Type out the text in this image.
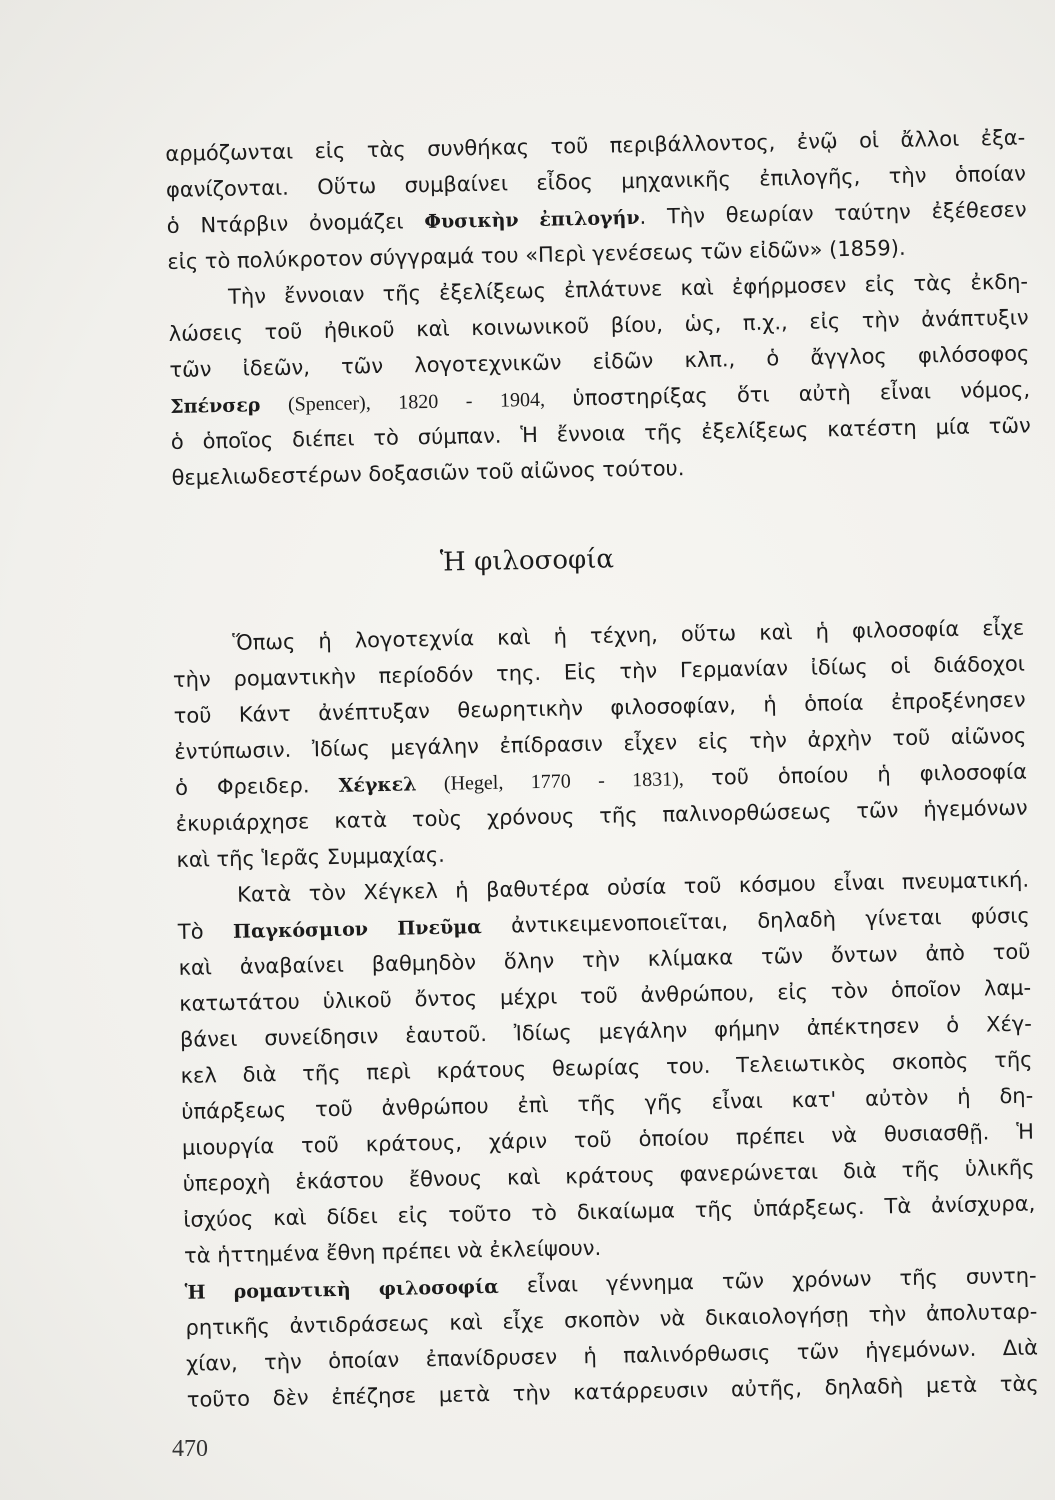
αρμόζωνται εἰς τὰς συνθήκας τοῦ περιβάλλοντος, ἐνῷ οἱ ἄλλοι ἐξα-
φανίζονται. Οὕτω συμβαίνει εἶδος μηχανικῆς ἐπιλογῆς, τὴν ὁποίαν
ὁ Ντάρβιν ὀνομάζει Φυσικὴν ἐπιλογήν. Τὴν θεωρίαν ταύτην ἐξέθεσεν
εἰς τὸ πολύκροτον σύγγραμά του «Περὶ γενέσεως τῶν εἰδῶν» (1859).
Τὴν ἔννοιαν τῆς ἐξελίξεως ἐπλάτυνε καὶ ἐφήρμοσεν εἰς τὰς ἐκδη-
λώσεις τοῦ ἠθικοῦ καὶ κοινωνικοῦ βίου, ὡς, π.χ., εἰς τὴν ἀνάπτυξιν
τῶν ἰδεῶν, τῶν λογοτεχνικῶν εἰδῶν κλπ., ὁ ἄγγλος φιλόσοφος
Σπένσερ (Spencer), 1820 - 1904, ὑποστηρίξας ὅτι αὐτὴ εἶναι νόμος,
ὁ ὁποῖος διέπει τὸ σύμπαν. Ἡ ἔννοια τῆς ἐξελίξεως κατέστη μία τῶν
θεμελιωδεστέρων δοξασιῶν τοῦ αἰῶνος τούτου.
Ἡ φιλοσοφία
Ὅπως ἡ λογοτεχνία καὶ ἡ τέχνη, οὕτω καὶ ἡ φιλοσοφία εἶχε
τὴν ρομαντικὴν περίοδόν της. Εἰς τὴν Γερμανίαν ἰδίως οἱ διάδοχοι
τοῦ Κάντ ἀνέπτυξαν θεωρητικὴν φιλοσοφίαν, ἡ ὁποία ἐπροξένησεν
ἐντύπωσιν. Ἰδίως μεγάλην ἐπίδρασιν εἶχεν εἰς τὴν ἀρχὴν τοῦ αἰῶνος
ὁ Φρειδερ. Χέγκελ (Hegel, 1770 - 1831), τοῦ ὁποίου ἡ φιλοσοφία
ἐκυριάρχησε κατὰ τοὺς χρόνους τῆς παλινορθώσεως τῶν ἡγεμόνων
καὶ τῆς Ἱερᾶς Συμμαχίας.
Κατὰ τὸν Χέγκελ ἡ βαθυτέρα οὐσία τοῦ κόσμου εἶναι πνευματική.
Τὸ Παγκόσμιον Πνεῦμα ἀντικειμενοποιεῖται, δηλαδὴ γίνεται φύσις
καὶ ἀναβαίνει βαθμηδὸν ὅλην τὴν κλίμακα τῶν ὄντων ἀπὸ τοῦ
κατωτάτου ὑλικοῦ ὄντος μέχρι τοῦ ἀνθρώπου, εἰς τὸν ὁποῖον λαμ-
βάνει συνείδησιν ἑαυτοῦ. Ἰδίως μεγάλην φήμην ἀπέκτησεν ὁ Χέγ-
κελ διὰ τῆς περὶ κράτους θεωρίας του. Τελειωτικὸς σκοπὸς τῆς
ὑπάρξεως τοῦ ἀνθρώπου ἐπὶ τῆς γῆς εἶναι κατ' αὐτὸν ἡ δη-
μιουργία τοῦ κράτους, χάριν τοῦ ὁποίου πρέπει νὰ θυσιασθῇ. Ἡ
ὑπεροχὴ ἑκάστου ἔθνους καὶ κράτους φανερώνεται διὰ τῆς ὑλικῆς
ἰσχύος καὶ δίδει εἰς τοῦτο τὸ δικαίωμα τῆς ὑπάρξεως. Τὰ ἀνίσχυρα,
τὰ ἡττημένα ἔθνη πρέπει νὰ ἐκλείψουν.
Ἡ ρομαντικὴ φιλοσοφία εἶναι γέννημα τῶν χρόνων τῆς συντη-
ρητικῆς ἀντιδράσεως καὶ εἶχε σκοπὸν νὰ δικαιολογήσῃ τὴν ἀπολυταρ-
χίαν, τὴν ὁποίαν ἐπανίδρυσεν ἡ παλινόρθωσις τῶν ἡγεμόνων. Διὰ
τοῦτο δὲν ἐπέζησε μετὰ τὴν κατάρρευσιν αὐτῆς, δηλαδὴ μετὰ τὰς
470
